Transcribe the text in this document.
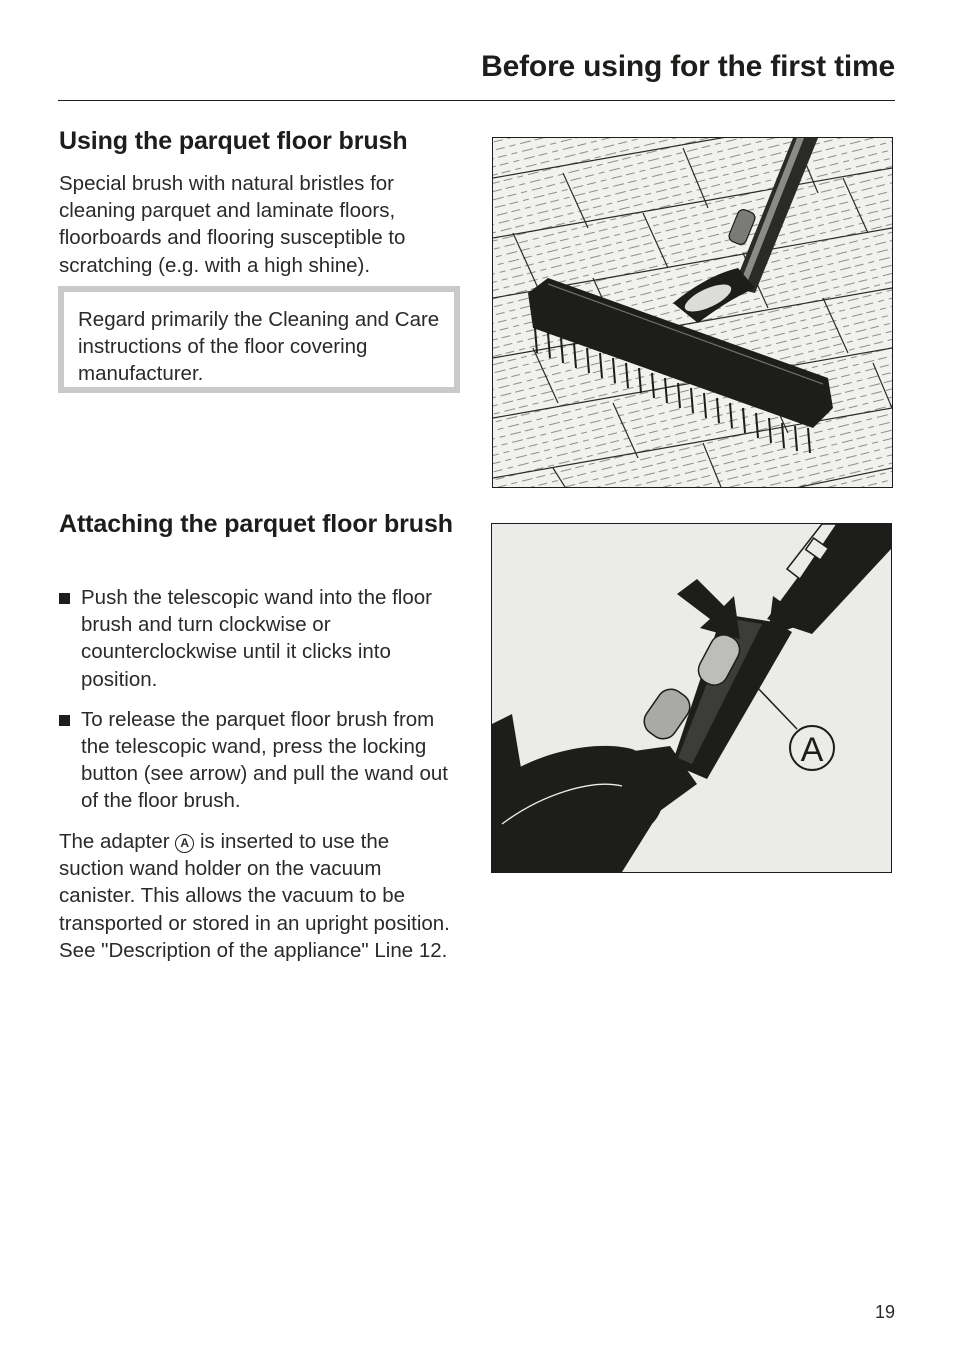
Before using for the first time
Using the parquet floor brush

Special brush with natural bristles for cleaning parquet and laminate floors, floorboards and flooring susceptible to scratching (e.g. with a high shine).

Regard primarily the Cleaning and Care instructions of the floor covering manufacturer.

Attaching the parquet floor brush
Push the telescopic wand into the floor brush and turn clockwise or counterclockwise until it clicks into position.
To release the parquet floor brush from the telescopic wand, press the locking button (see arrow) and pull the wand out of the floor brush.

The adapter A is inserted to use the suction wand holder on the vacuum canister. This allows the vacuum to be transported or stored in an upright position. See "Description of the appliance" Line 12.

A

19
